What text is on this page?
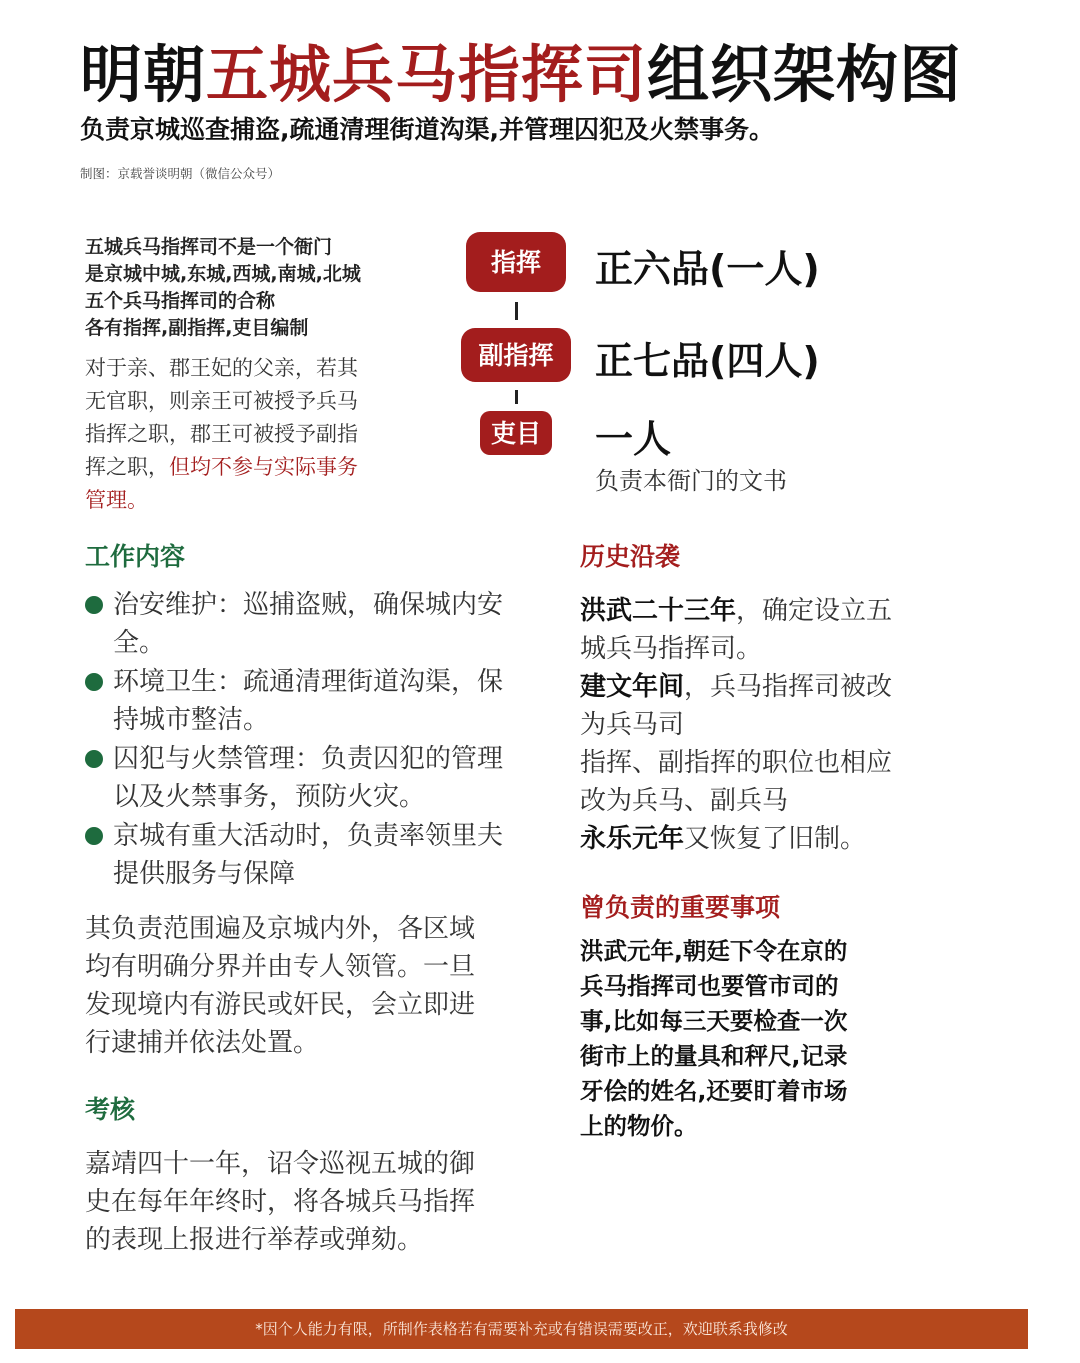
明朝五城兵马指挥司组织架构图
负责京城巡查捕盗,疏通清理街道沟渠,并管理囚犯及火禁事务。
制图：京载誉谈明朝（微信公众号）
五城兵马指挥司不是一个衙门
是京城中城,东城,西城,南城,北城
五个兵马指挥司的合称
各有指挥,副指挥,吏目编制
对于亲、郡王妃的父亲，若其无官职，则亲王可被授予兵马指挥之职，郡王可被授予副指挥之职，但均不参与实际事务管理。
指挥
副指挥
吏目
正六品(一人)
正七品(四人)
一人
负责本衙门的文书
工作内容
治安维护：巡捕盗贼，确保城内安全。
环境卫生：疏通清理街道沟渠，保持城市整洁。
囚犯与火禁管理：负责囚犯的管理以及火禁事务，预防火灾。
京城有重大活动时，负责率领里夫提供服务与保障
其负责范围遍及京城内外，各区域均有明确分界并由专人领管。一旦发现境内有游民或奸民，会立即进行逮捕并依法处置。
考核
嘉靖四十一年，诏令巡视五城的御史在每年年终时，将各城兵马指挥的表现上报进行举荐或弹劾。
历史沿袭
洪武二十三年，确定设立五城兵马指挥司。
建文年间，兵马指挥司被改为兵马司
指挥、副指挥的职位也相应改为兵马、副兵马
永乐元年又恢复了旧制。
曾负责的重要事项
洪武元年,朝廷下令在京的
兵马指挥司也要管市司的
事,比如每三天要检查一次
街市上的量具和秤尺,记录
牙侩的姓名,还要盯着市场
上的物价。
*因个人能力有限，所制作表格若有需要补充或有错误需要改正，欢迎联系我修改
